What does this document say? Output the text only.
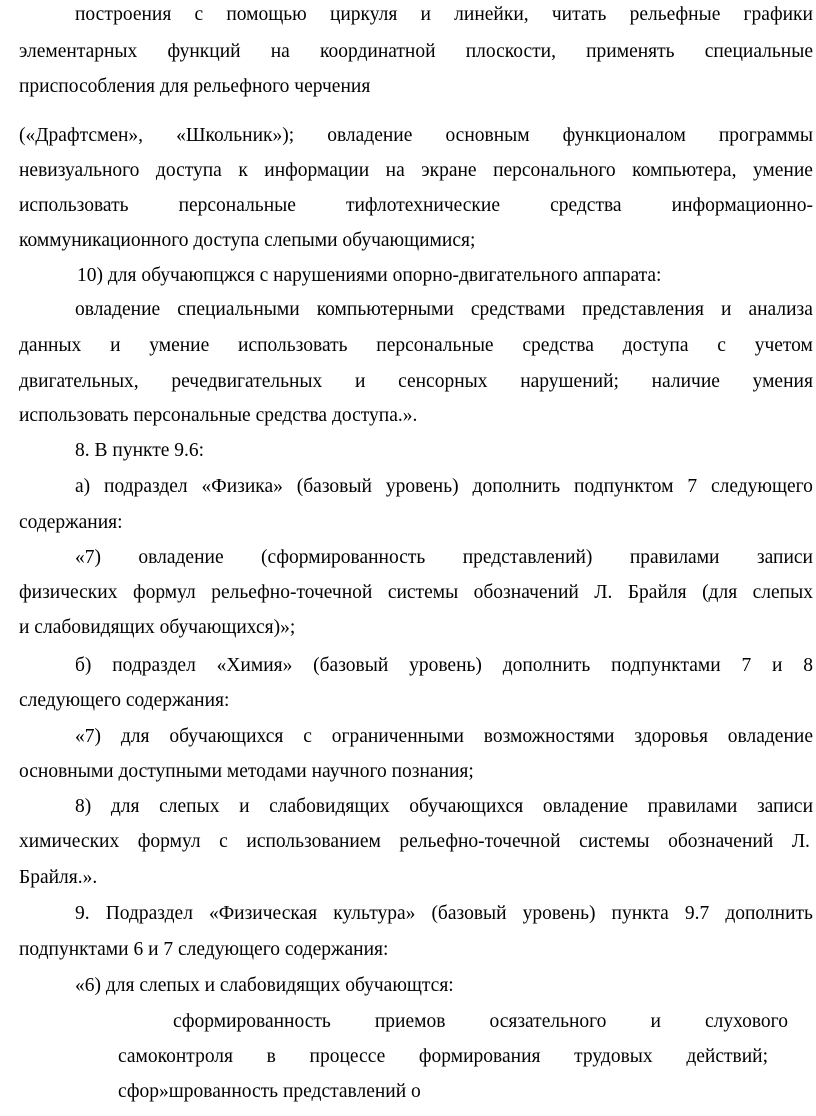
построения с помощью циркуля и линейки, читать рельефные графики
элементарных функций на координатной плоскости, применять специальные
приспособления для рельефного черчения
(«Драфтсмен», «Школьник»); овладение основным функционалом программы
невизуального доступа к информации на экране персонального компьютера, умение
использовать	персональные	тифлотехнические	средства	информационно-
коммуникационного доступа слепыми обучающимися;
10) для обучаюпцжся с нарушениями опорно-двигательного аппарата:
овладение специальными компьютерными средствами представления и анализа
данных и умение использовать персональные средства доступа с учетом
двигательных, речедвигательных и сенсорных нарушений; наличие умения
использовать персональные средства доступа.».
8. В пункте 9.6:
а) подраздел «Физика» (базовый уровень) дополнить подпунктом 7 следующего
содержания:
«7) овладение (сформированность представлений) правилами записи
физических формул рельефно-точечной системы обозначений Л. Брайля (для слепых
и слабовидящих обучающихся)»;
б) подраздел «Химия» (базовый уровень) дополнить подпунктами 7 и 8
следующего содержания:
«7) для обучающихся с ограниченными возможностями здоровья овладение
основными доступными методами научного познания;
8) для слепых и слабовидящих обучающихся овладение правилами записи
химических формул с использованием рельефно-точечной системы обозначений Л.
Брайля.».
9. Подраздел «Физическая культура» (базовый уровень) пункта 9.7 дополнить
подпунктами 6 и 7 следующего содержания:
«6) для слепых и слабовидящих обучающтся:
сформированность приемов осязательного и слухового
самоконтроля в процессе формирования трудовых действий;
сфор»шрованность представлений о
